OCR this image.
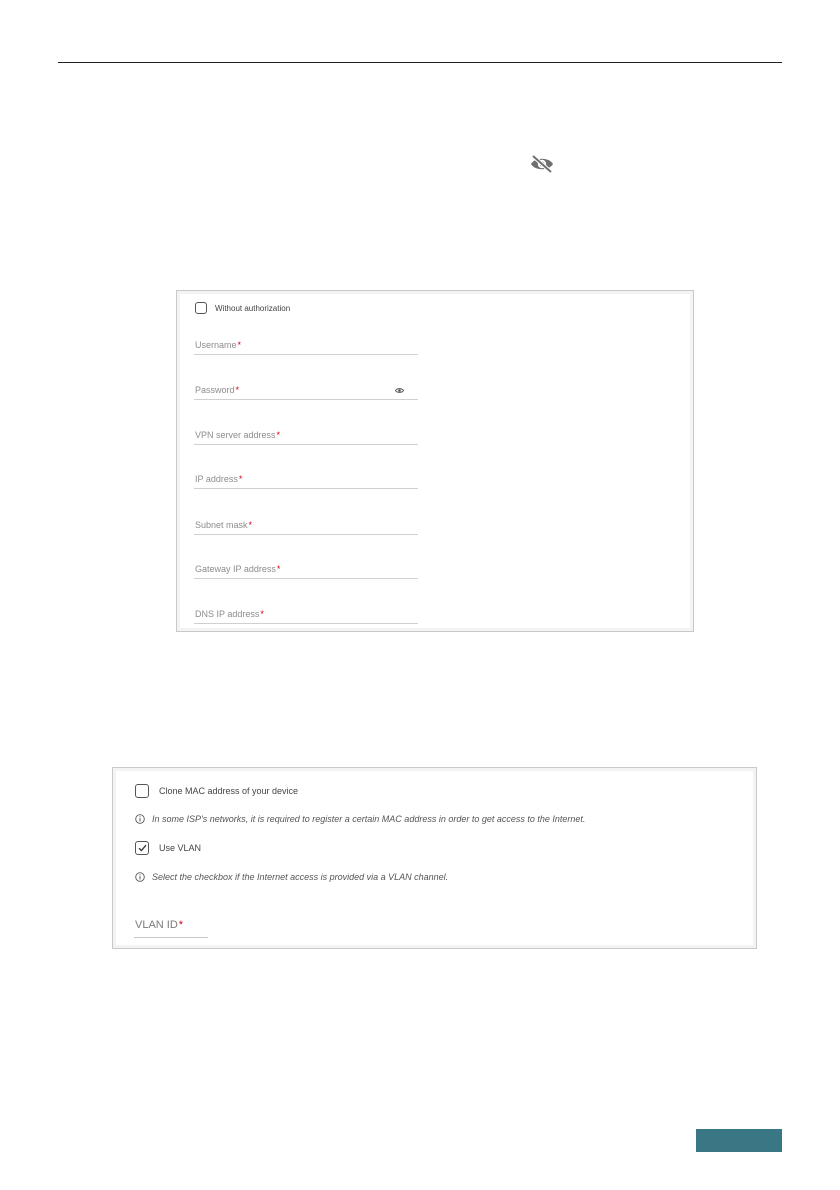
Without authorization
Username*
Password*
VPN server address*
IP address*
Subnet mask*
Gateway IP address*
DNS IP address*
Clone MAC address of your device
In some ISP's networks, it is required to register a certain MAC address in order to get access to the Internet.
Use VLAN
Select the checkbox if the Internet access is provided via a VLAN channel.
VLAN ID*
